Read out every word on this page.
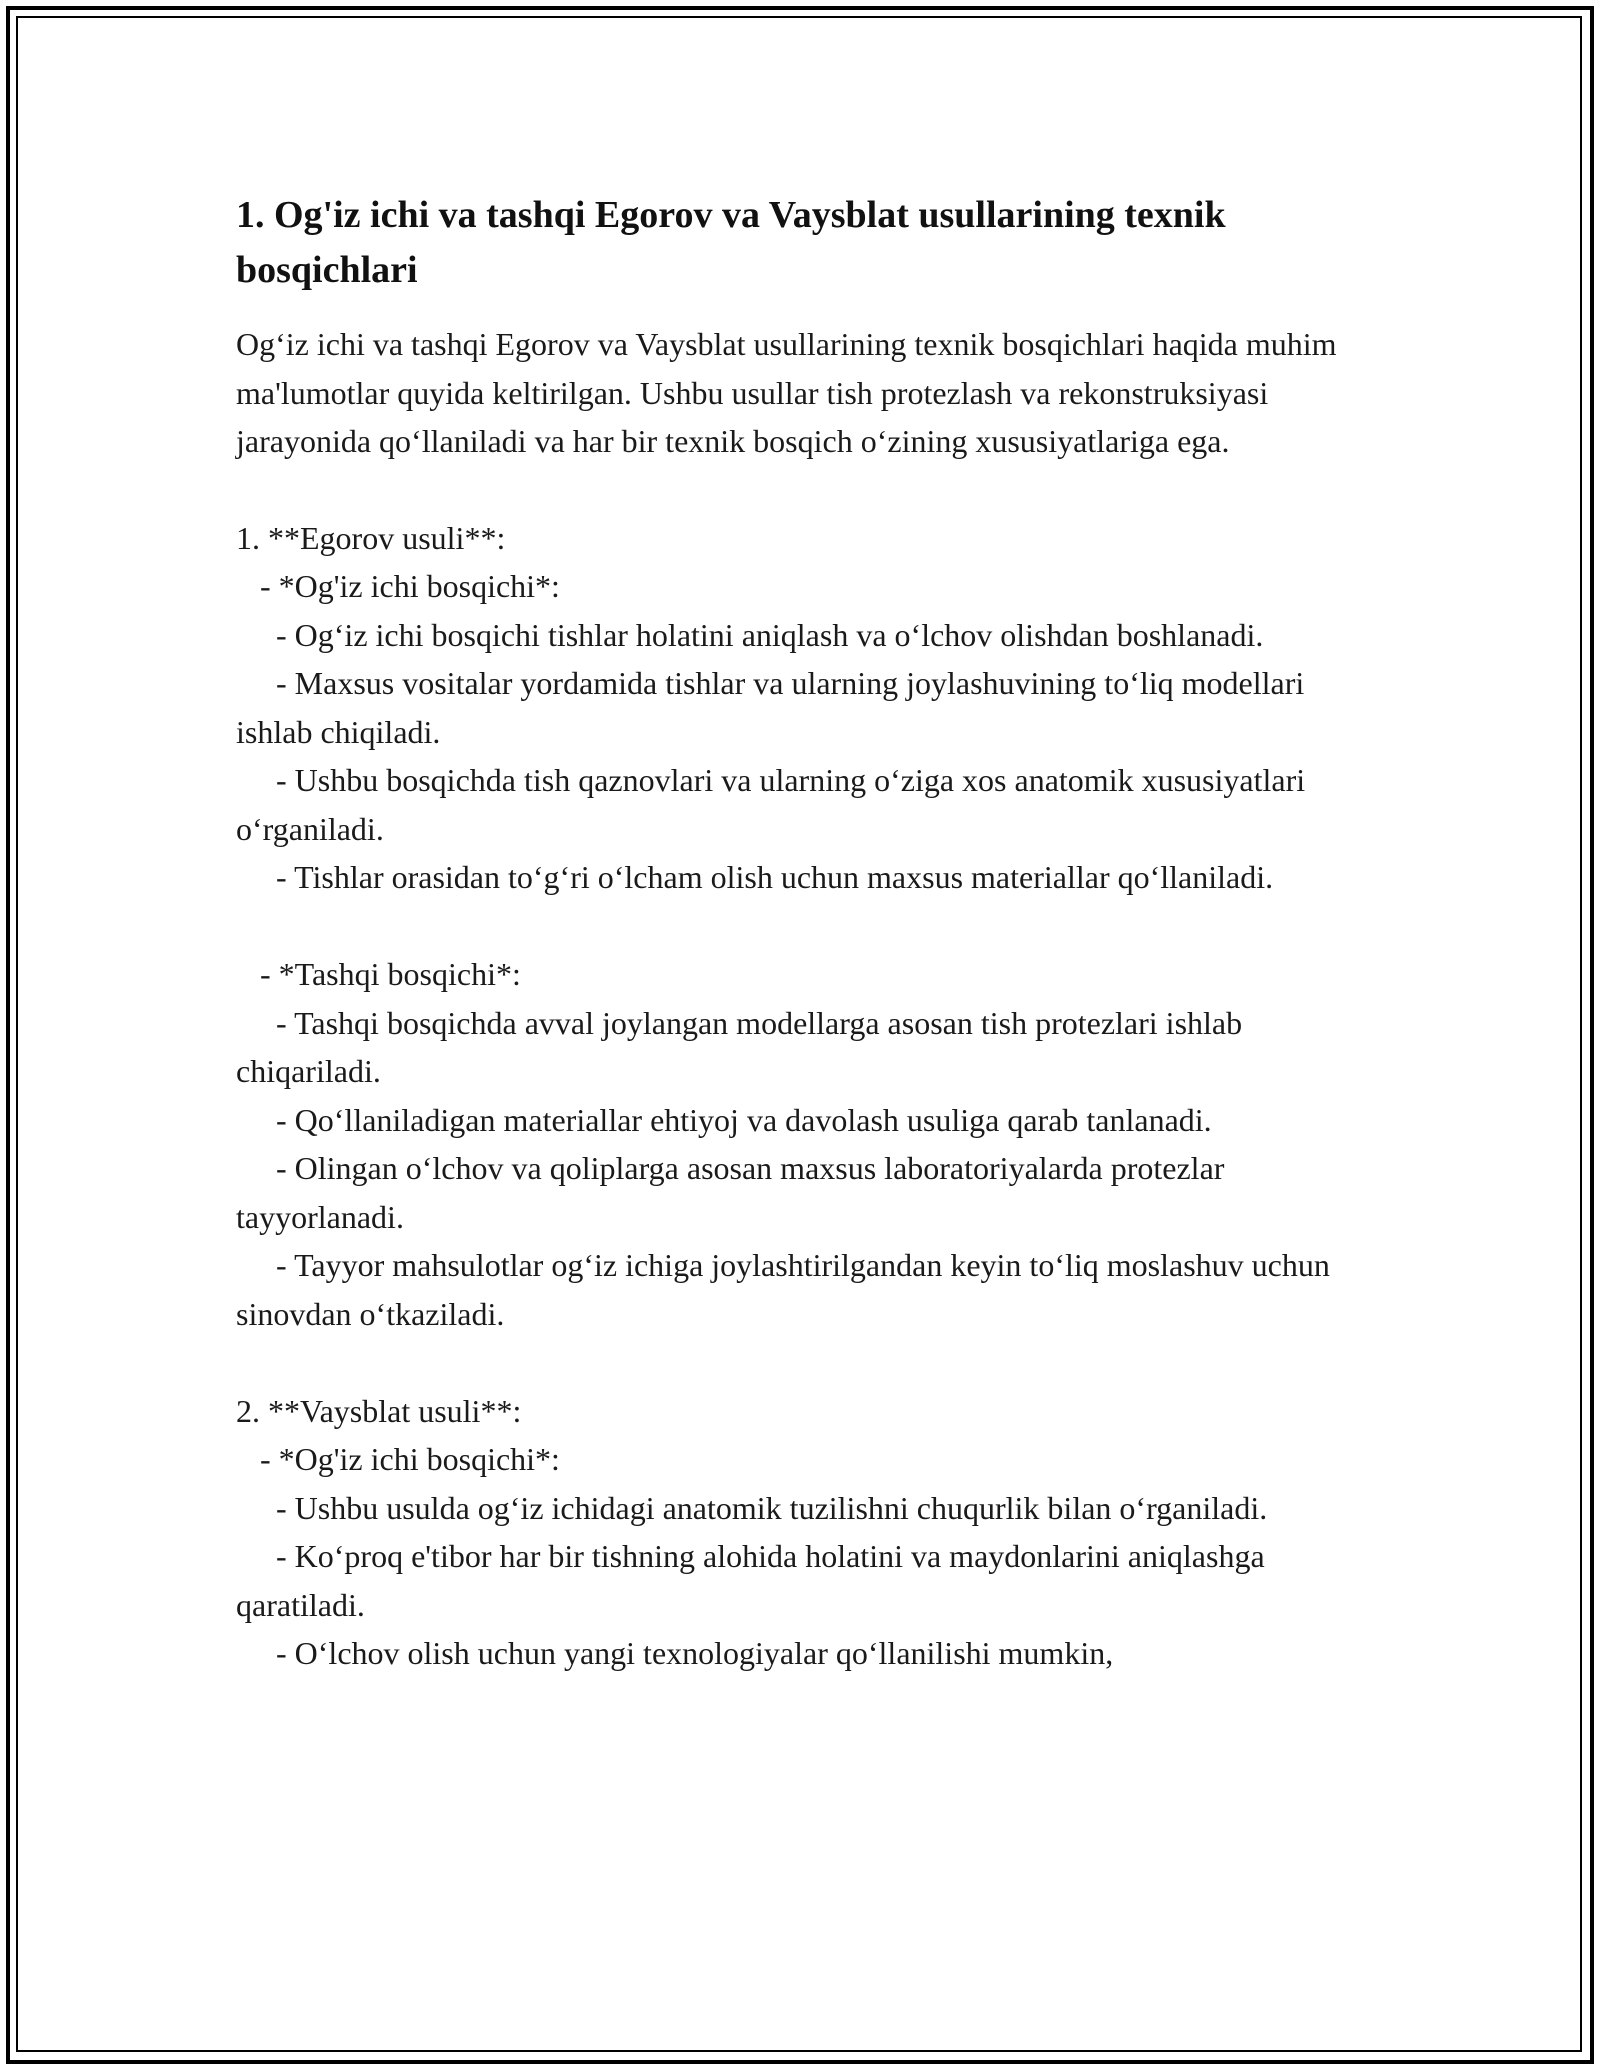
1. Og'iz ichi va tashqi Egorov va Vaysblat usullarining texnik bosqichlari

Og‘iz ichi va tashqi Egorov va Vaysblat usullarining texnik bosqichlari haqida muhim ma'lumotlar quyida keltirilgan. Ushbu usullar tish protezlash va rekonstruksiyasi jarayonida qo‘llaniladi va har bir texnik bosqich o‘zining xususiyatlariga ega.

1. **Egorov usuli**:
- *Og'iz ichi bosqichi*:
- Og‘iz ichi bosqichi tishlar holatini aniqlash va o‘lchov olishdan boshlanadi.
- Maxsus vositalar yordamida tishlar va ularning joylashuvining to‘liq modellari ishlab chiqiladi.
- Ushbu bosqichda tish qaznovlari va ularning o‘ziga xos anatomik xususiyatlari o‘rganiladi.
- Tishlar orasidan to‘g‘ri o‘lcham olish uchun maxsus materiallar qo‘llaniladi.
- *Tashqi bosqichi*:
- Tashqi bosqichda avval joylangan modellarga asosan tish protezlari ishlab chiqariladi.
- Qo‘llaniladigan materiallar ehtiyoj va davolash usuliga qarab tanlanadi.
- Olingan o‘lchov va qoliplarga asosan maxsus laboratoriyalarda protezlar tayyorlanadi.
- Tayyor mahsulotlar og‘iz ichiga joylashtirilgandan keyin to‘liq moslashuv uchun sinovdan o‘tkaziladi.
2. **Vaysblat usuli**:
- *Og'iz ichi bosqichi*:
- Ushbu usulda og‘iz ichidagi anatomik tuzilishni chuqurlik bilan o‘rganiladi.
- Ko‘proq e'tibor har bir tishning alohida holatini va maydonlarini aniqlashga qaratiladi.
- O‘lchov olish uchun yangi texnologiyalar qo‘llanilishi mumkin,
